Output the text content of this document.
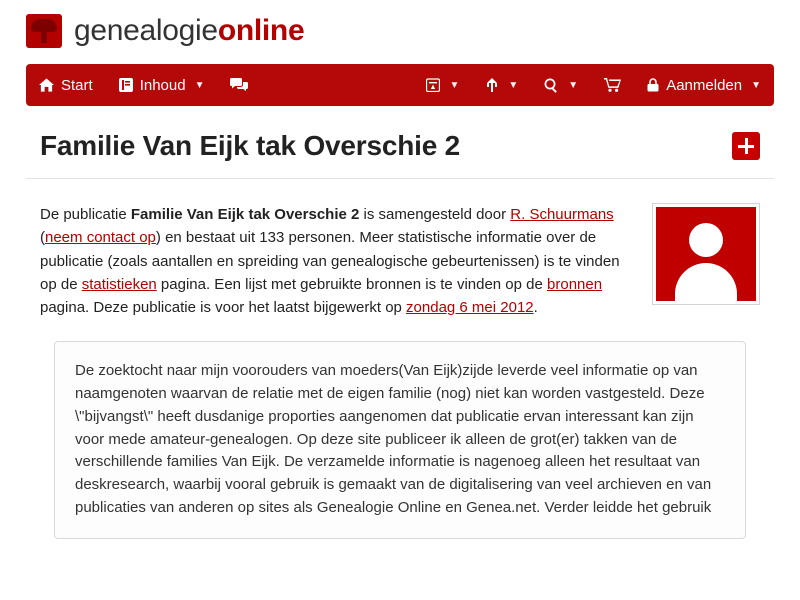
genealogieonline
Start	Inhoud ▼	▼	▼	▼	Aanmelden ▼
Familie Van Eijk tak Overschie 2
De publicatie Familie Van Eijk tak Overschie 2 is samengesteld door R. Schuurmans (neem contact op) en bestaat uit 133 personen. Meer statistische informatie over de publicatie (zoals aantallen en spreiding van genealogische gebeurtenissen) is te vinden op de statistieken pagina. Een lijst met gebruikte bronnen is te vinden op de bronnen pagina. Deze publicatie is voor het laatst bijgewerkt op zondag 6 mei 2012.

De zoektocht naar mijn voorouders van moeders(Van Eijk)zijde leverde veel informatie op van naamgenoten waarvan de relatie met de eigen familie (nog) niet kan worden vastgesteld. Deze \"bijvangst\" heeft dusdanige proporties aangenomen dat publicatie ervan interessant kan zijn voor mede amateur-genealogen. Op deze site publiceer ik alleen de grot(er) takken van de verschillende families Van Eijk. De verzamelde informatie is nagenoeg alleen het resultaat van deskresearch, waarbij vooral gebruik is gemaakt van de digitalisering van veel archieven en van publicaties van anderen op sites als Genealogie Online en Genea.net. Verder leidde het gebruik
